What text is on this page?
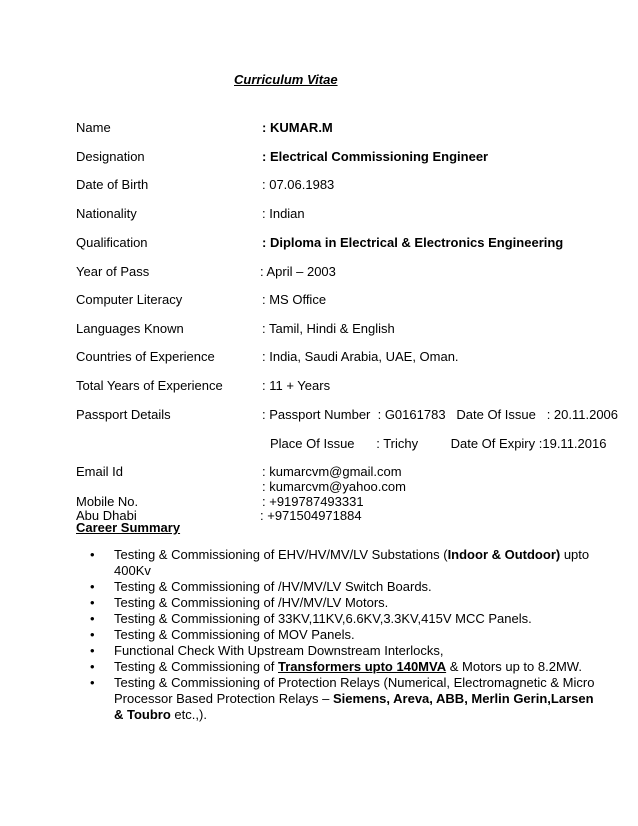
Curriculum Vitae
Name	: KUMAR.M
Designation	: Electrical Commissioning Engineer
Date of Birth	: 07.06.1983
Nationality	: Indian
Qualification	: Diploma in Electrical & Electronics Engineering
Year of Pass	: April – 2003
Computer Literacy	: MS Office
Languages Known	: Tamil, Hindi & English
Countries of Experience	: India, Saudi Arabia, UAE, Oman.
Total Years of Experience	: 11 + Years
Passport Details	: Passport Number  : G0161783   Date Of Issue   : 20.11.2006
Place Of Issue      : Trichy         Date Of Expiry :19.11.2016
Email Id	: kumarcvm@gmail.com
: kumarcvm@yahoo.com
Mobile No.	: +919787493331
Abu Dhabi	: +971504971884
Career Summary
• Testing & Commissioning of EHV/HV/MV/LV Substations (Indoor & Outdoor) upto 400Kv
• Testing & Commissioning of /HV/MV/LV Switch Boards.
• Testing & Commissioning of /HV/MV/LV Motors.
• Testing & Commissioning of 33KV,11KV,6.6KV,3.3KV,415V MCC Panels.
• Testing & Commissioning of MOV Panels.
• Functional Check With Upstream Downstream Interlocks,
• Testing & Commissioning of Transformers upto 140MVA & Motors up to 8.2MW.
• Testing & Commissioning of Protection Relays (Numerical, Electromagnetic & Micro Processor Based Protection Relays – Siemens, Areva, ABB, Merlin Gerin,Larsen & Toubro etc.,).
